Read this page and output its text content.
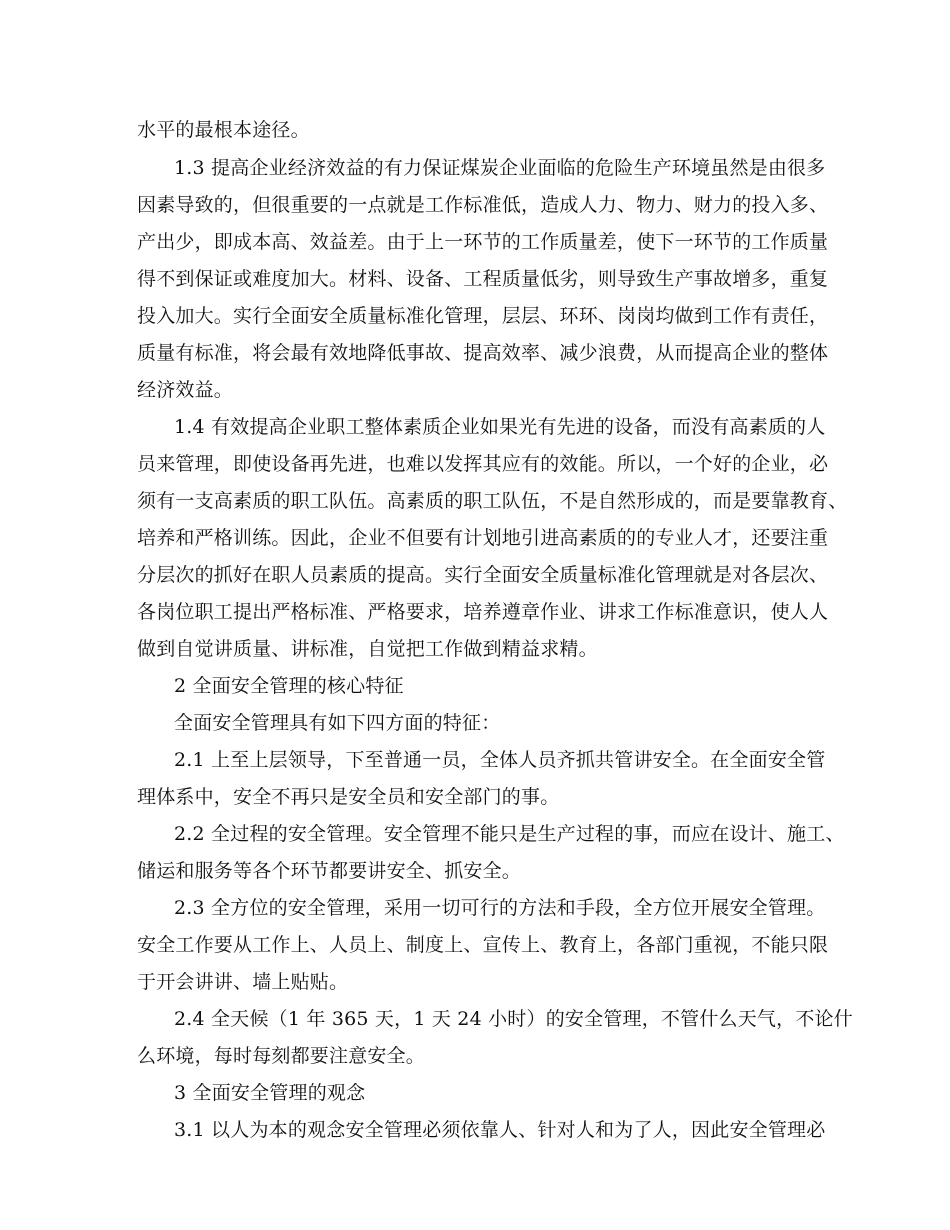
水平的最根本途径。
1.3 提高企业经济效益的有力保证煤炭企业面临的危险生产环境虽然是由很多
因素导致的，但很重要的一点就是工作标准低，造成人力、物力、财力的投入多、
产出少，即成本高、效益差。由于上一环节的工作质量差，使下一环节的工作质量
得不到保证或难度加大。材料、设备、工程质量低劣，则导致生产事故增多，重复
投入加大。实行全面安全质量标准化管理，层层、环环、岗岗均做到工作有责任，
质量有标准，将会最有效地降低事故、提高效率、减少浪费，从而提高企业的整体
经济效益。
1.4 有效提高企业职工整体素质企业如果光有先进的设备，而没有高素质的人
员来管理，即使设备再先进，也难以发挥其应有的效能。所以，一个好的企业，必
须有一支高素质的职工队伍。高素质的职工队伍，不是自然形成的，而是要靠教育、
培养和严格训练。因此，企业不但要有计划地引进高素质的的专业人才，还要注重
分层次的抓好在职人员素质的提高。实行全面安全质量标准化管理就是对各层次、
各岗位职工提出严格标准、严格要求，培养遵章作业、讲求工作标准意识，使人人
做到自觉讲质量、讲标准，自觉把工作做到精益求精。
2 全面安全管理的核心特征
全面安全管理具有如下四方面的特征：
2.1 上至上层领导，下至普通一员，全体人员齐抓共管讲安全。在全面安全管
理体系中，安全不再只是安全员和安全部门的事。
2.2 全过程的安全管理。安全管理不能只是生产过程的事，而应在设计、施工、
储运和服务等各个环节都要讲安全、抓安全。
2.3 全方位的安全管理，采用一切可行的方法和手段，全方位开展安全管理。
安全工作要从工作上、人员上、制度上、宣传上、教育上，各部门重视，不能只限
于开会讲讲、墙上贴贴。
2.4 全天候（1 年 365 天，1 天 24 小时）的安全管理，不管什么天气，不论什
么环境，每时每刻都要注意安全。
3 全面安全管理的观念
3.1 以人为本的观念安全管理必须依靠人、针对人和为了人，因此安全管理必
